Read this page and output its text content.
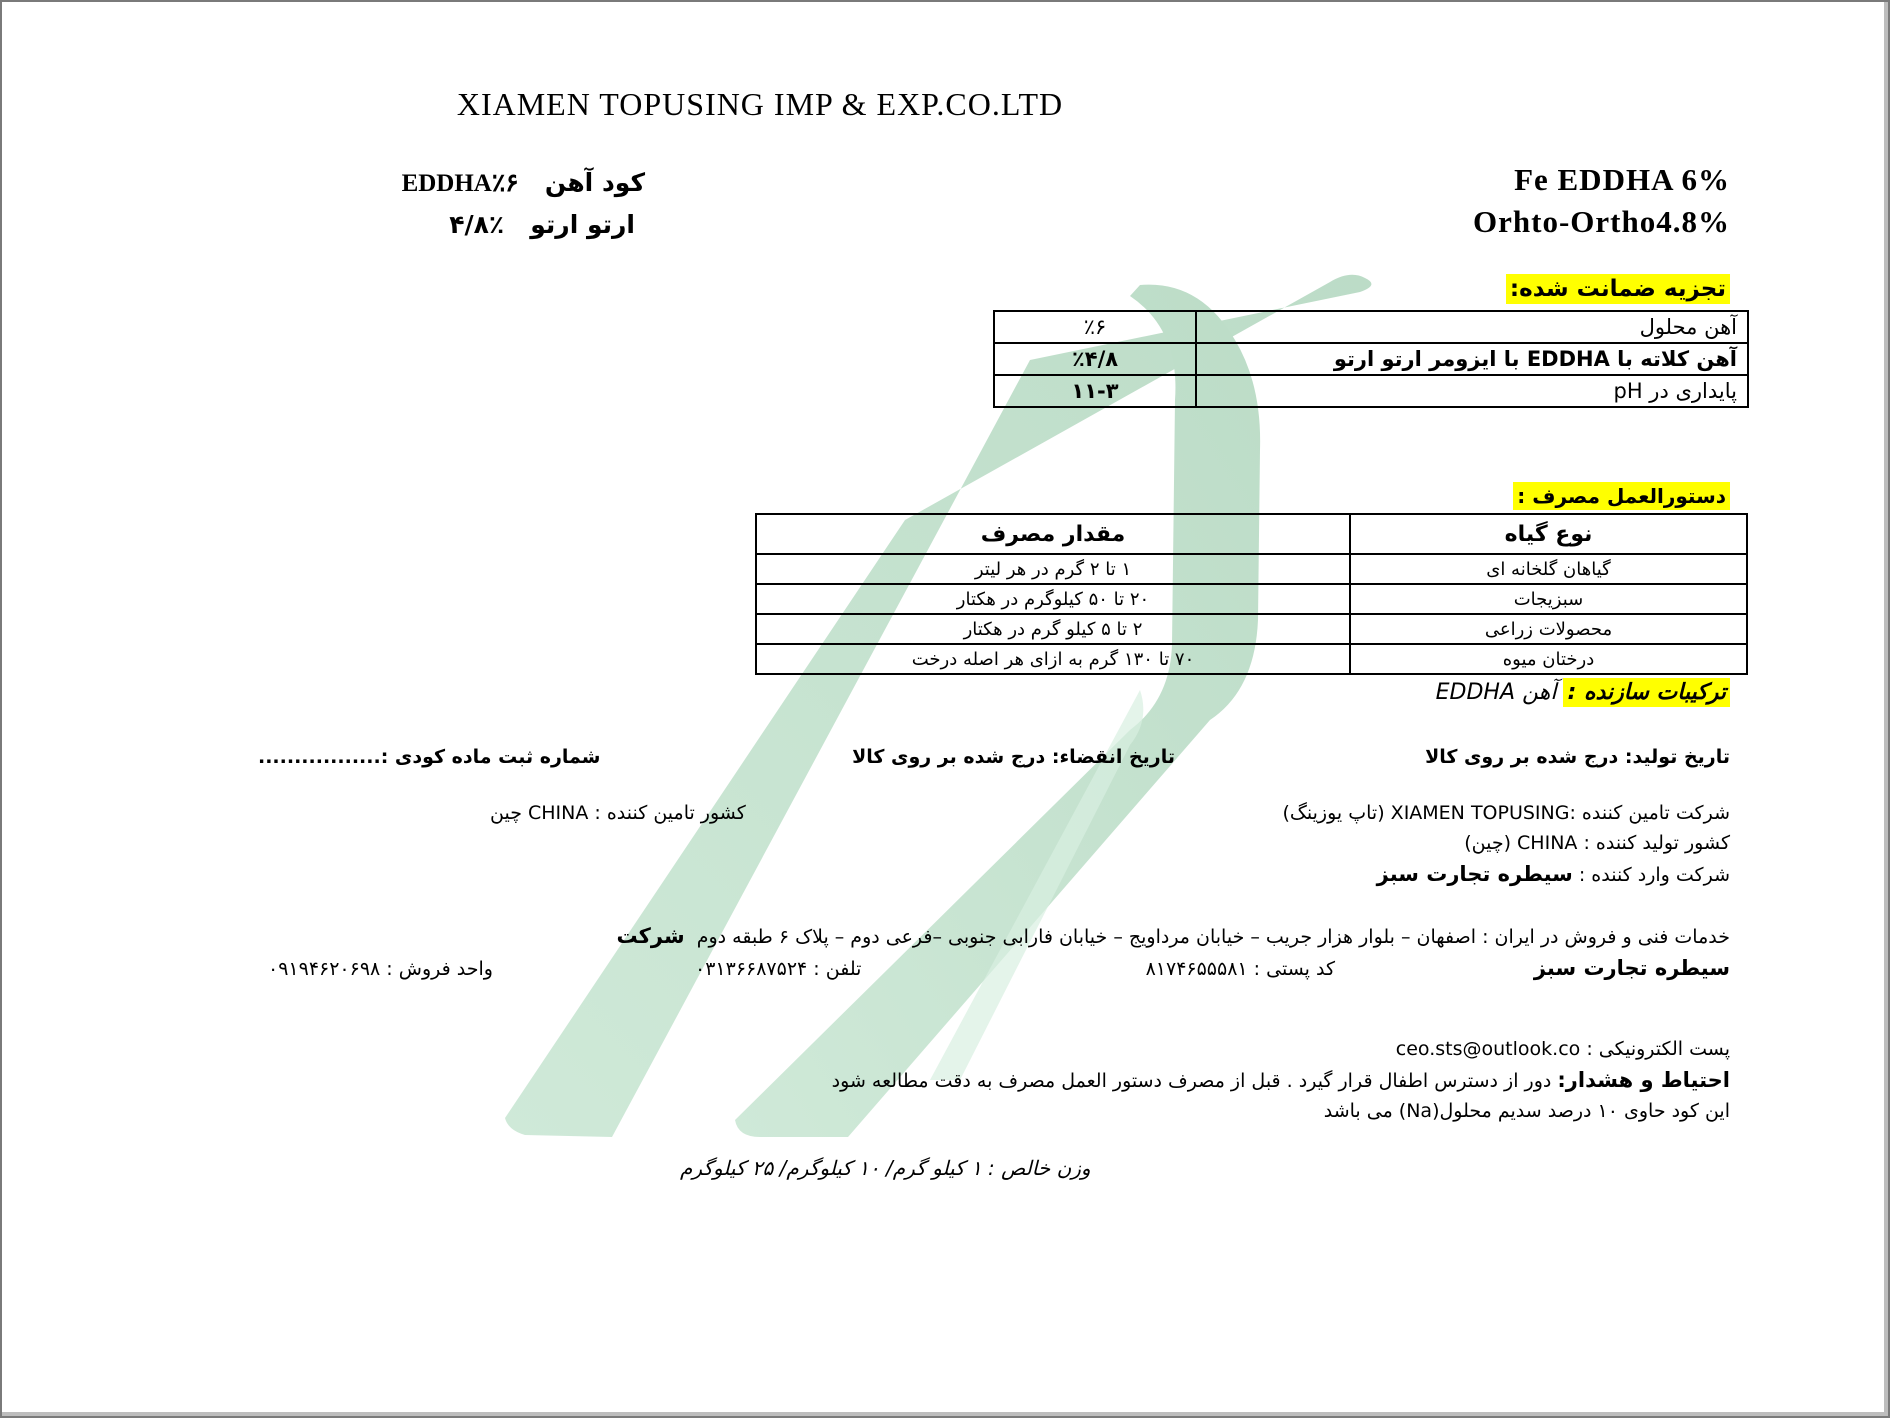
XIAMEN TOPUSING IMP & EXP.CO.LTD
Fe EDDHA 6%
Orhto-Ortho4.8%
کود آهن   EDDHA٪۶
ارتو ارتو   ٪۴/۸
تجزیه ضمانت شده:
آهن محلول	٪۶
آهن کلاته با EDDHA با ایزومر ارتو ارتو	٪۴/۸
پایداری در pH	۱۱-۳
دستورالعمل مصرف :
نوع گیاه	مقدار مصرف
گیاهان گلخانه ای	۱ تا ۲ گرم در هر لیتر
سبزیجات	۲۰ تا ۵۰ کیلوگرم در هکتار
محصولات زراعی	۲ تا ۵ کیلو گرم در هکتار
درختان میوه	۷۰ تا ۱۳۰ گرم به ازای هر اصله درخت
ترکیبات سازنده : آهن EDDHA
تاریخ تولید: درج شده بر روی کالا
تاریخ انقضاء: درج شده بر روی کالا
شماره ثبت ماده کودی :.................
شرکت تامین کننده :XIAMEN TOPUSING (تاپ یوزینگ)
کشور تامین کننده : CHINA چین
کشور تولید کننده : CHINA (چین)
شرکت وارد کننده : سیطره تجارت سبز
خدمات فنی و فروش در ایران : اصفهان – بلوار هزار جریب – خیابان مرداویج – خیابان فارابی جنوبی –فرعی دوم – پلاک ۶ طبقه دوم  شرکت
سیطره تجارت سبز
کد پستی : ۸۱۷۴۶۵۵۵۸۱
تلفن : ۰۳۱۳۶۶۸۷۵۲۴
واحد فروش : ۰۹۱۹۴۶۲۰۶۹۸
پست الکترونیکی : ceo.sts@outlook.co
احتیاط و هشدار: دور از دسترس اطفال قرار گیرد . قبل از مصرف دستور العمل مصرف به دقت مطالعه شود
این کود حاوی ۱۰ درصد سدیم محلول(Na) می باشد
وزن خالص : ۱ کیلو گرم/ ۱۰ کیلوگرم/ ۲۵ کیلوگرم
